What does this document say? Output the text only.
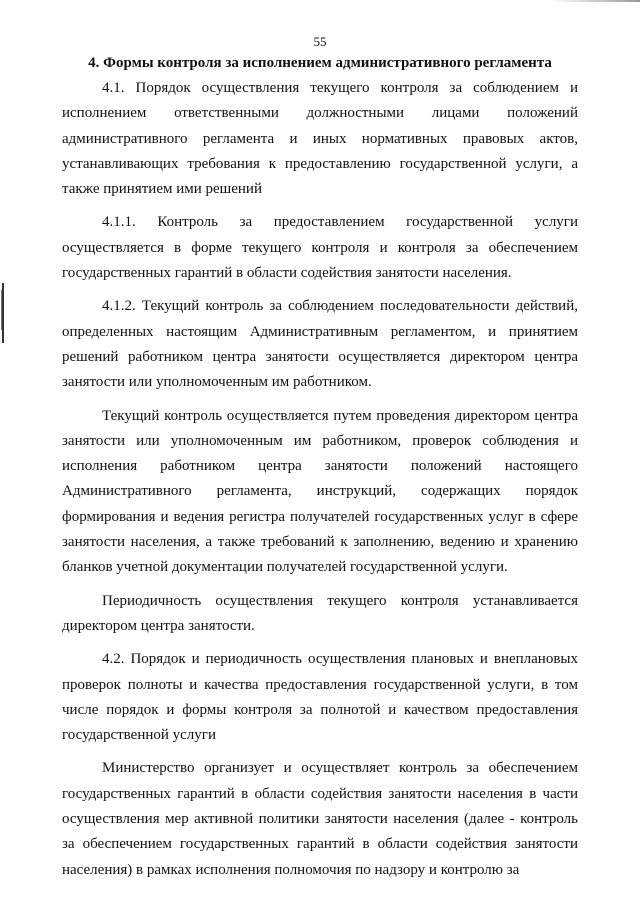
55
4. Формы контроля за исполнением административного регламента

4.1. Порядок осуществления текущего контроля за соблюдением и исполнением ответственными должностными лицами положений административного регламента и иных нормативных правовых актов, устанавливающих требования к предоставлению государственной услуги, а также принятием ими решений

4.1.1. Контроль за предоставлением государственной услуги осуществляется в форме текущего контроля и контроля за обеспечением государственных гарантий в области содействия занятости населения.

4.1.2. Текущий контроль за соблюдением последовательности действий, определенных настоящим Административным регламентом, и принятием решений работником центра занятости осуществляется директором центра занятости или уполномоченным им работником.

Текущий контроль осуществляется путем проведения директором центра занятости или уполномоченным им работником, проверок соблюдения и исполнения работником центра занятости положений настоящего Административного регламента, инструкций, содержащих порядок формирования и ведения регистра получателей государственных услуг в сфере занятости населения, а также требований к заполнению, ведению и хранению бланков учетной документации получателей государственной услуги.

Периодичность осуществления текущего контроля устанавливается директором центра занятости.

4.2. Порядок и периодичность осуществления плановых и внеплановых проверок полноты и качества предоставления государственной услуги, в том числе порядок и формы контроля за полнотой и качеством предоставления государственной услуги

Министерство организует и осуществляет контроль за обеспечением государственных гарантий в области содействия занятости населения в части осуществления мер активной политики занятости населения (далее - контроль за обеспечением государственных гарантий в области содействия занятости населения) в рамках исполнения полномочия по надзору и контролю за
